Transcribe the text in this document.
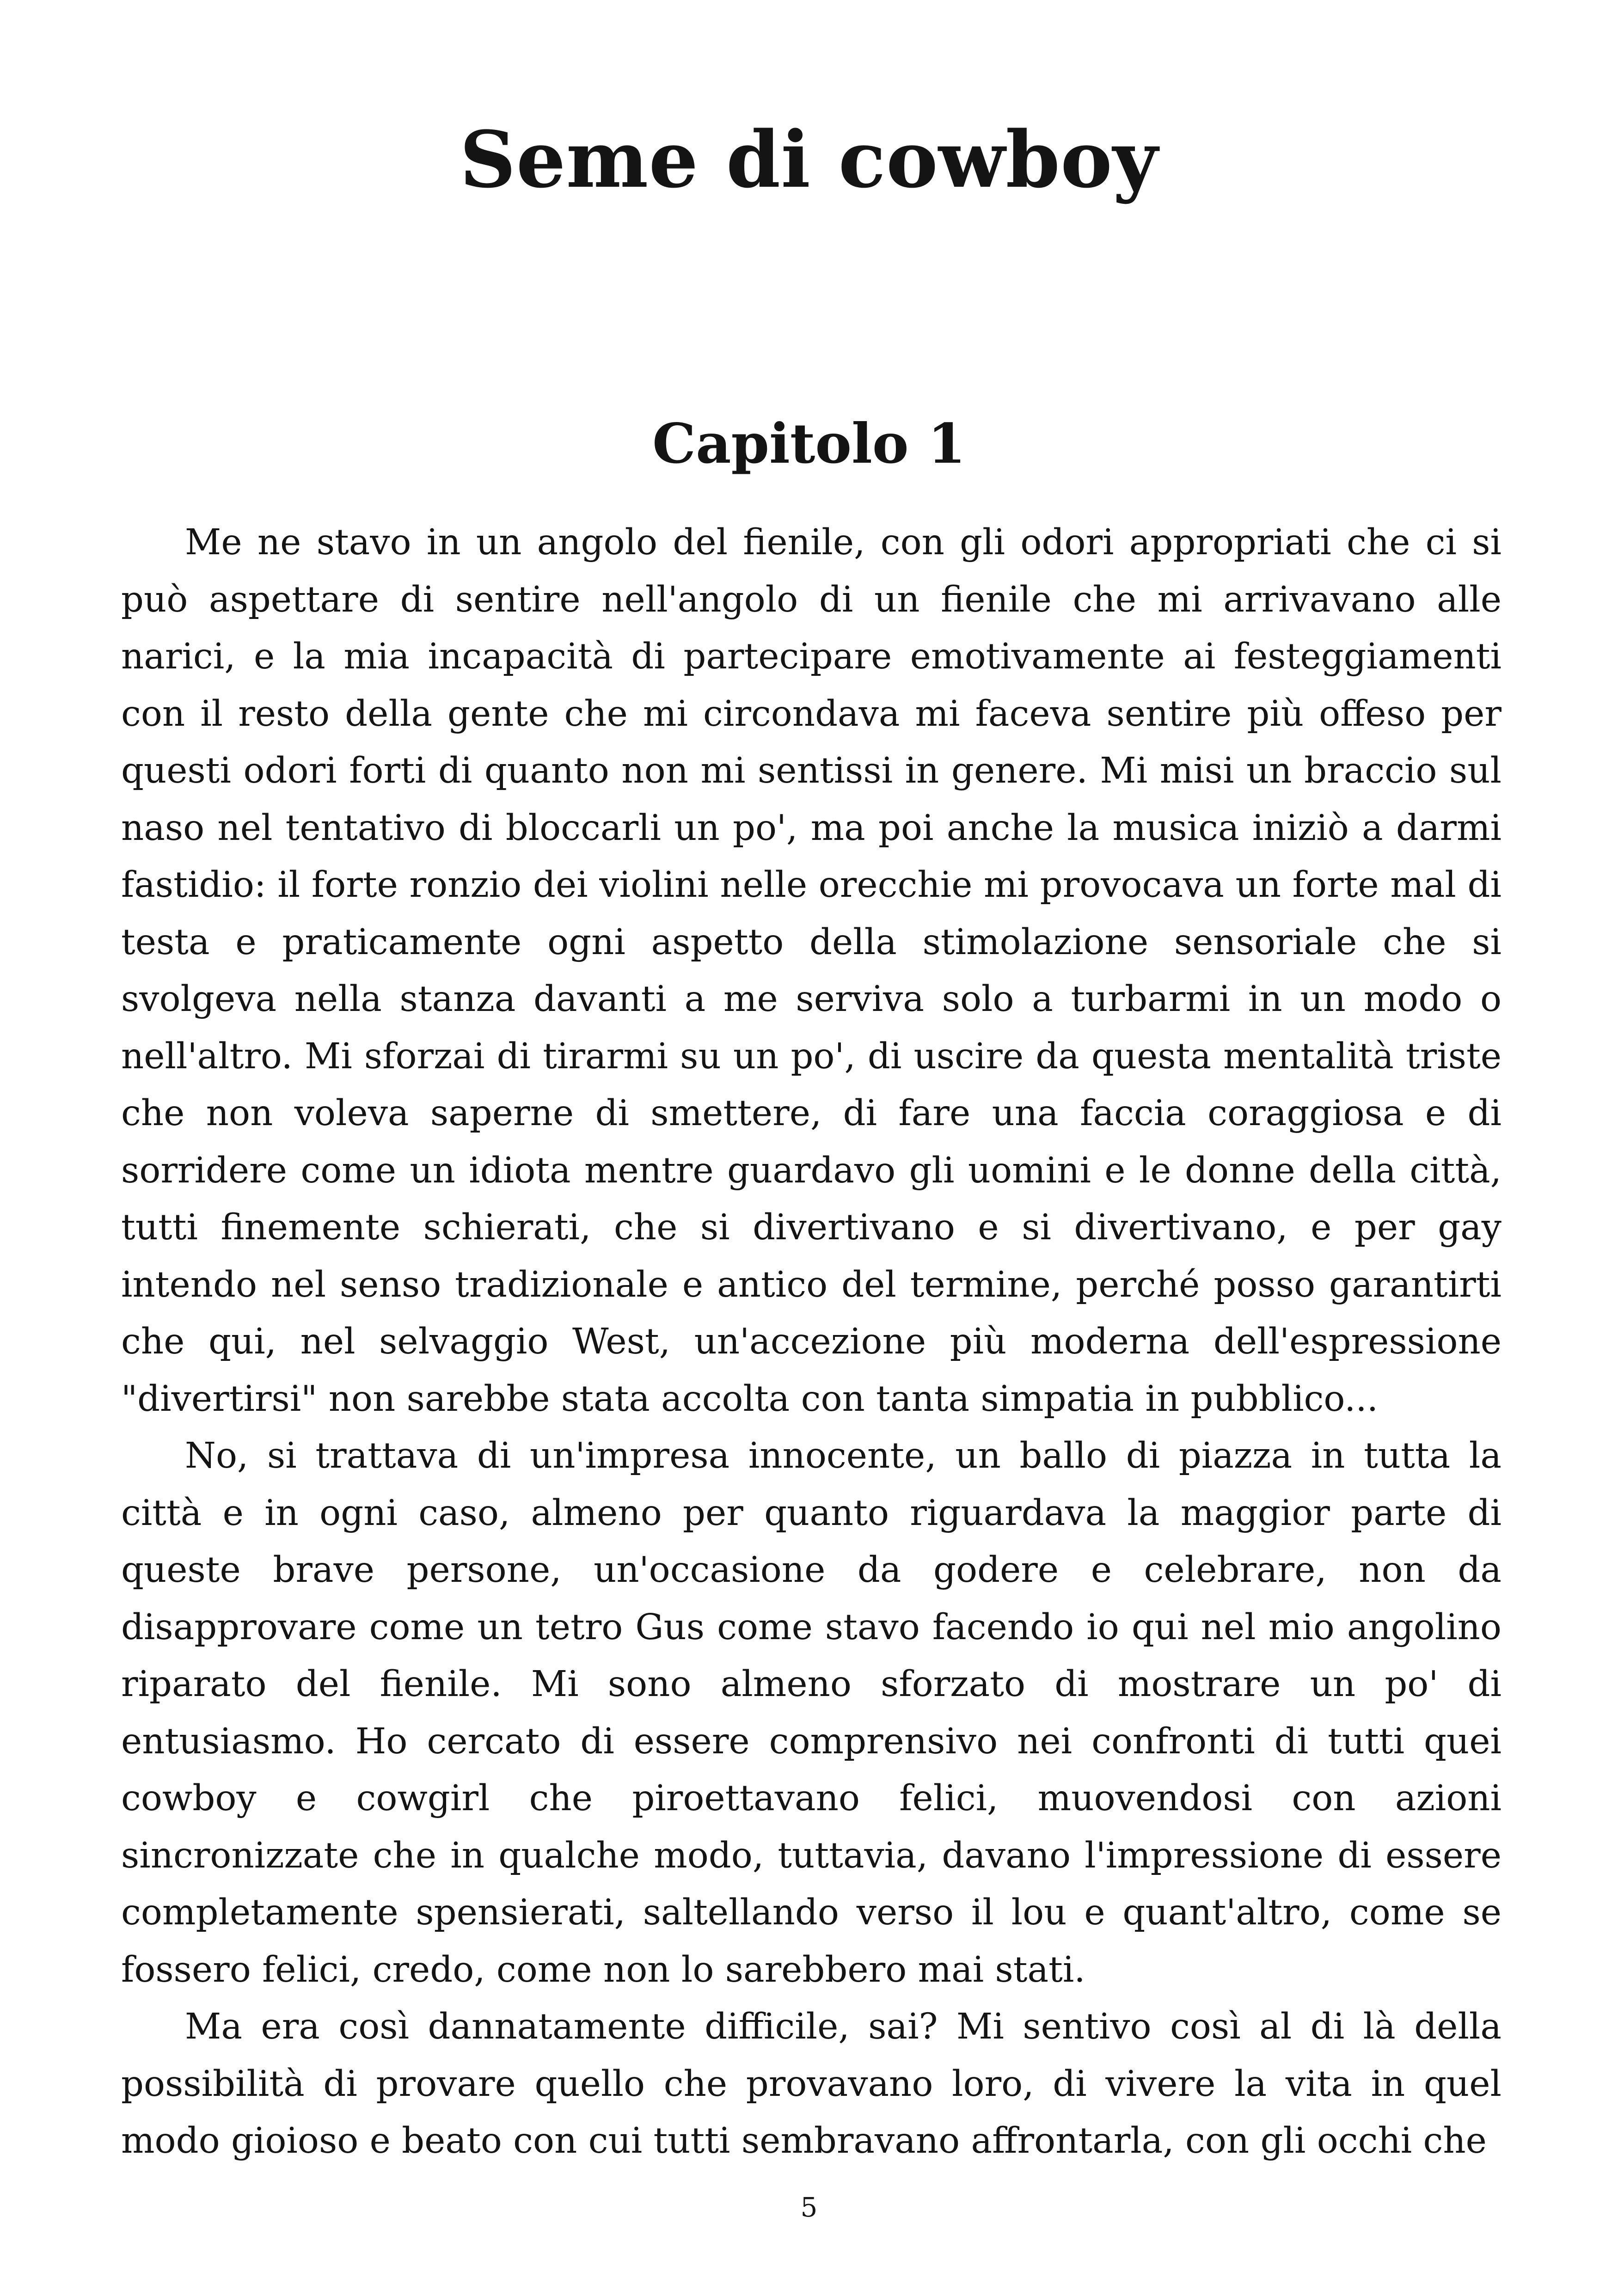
Seme di cowboy
Capitolo 1

Me ne stavo in un angolo del fienile, con gli odori appropriati che ci si può aspettare di sentire nell'angolo di un fienile che mi arrivavano alle narici, e la mia incapacità di partecipare emotivamente ai festeggiamenti con il resto della gente che mi circondava mi faceva sentire più offeso per questi odori forti di quanto non mi sentissi in genere. Mi misi un braccio sul naso nel tentativo di bloccarli un po', ma poi anche la musica iniziò a darmi fastidio: il forte ronzio dei violini nelle orecchie mi provocava un forte mal di testa e praticamente ogni aspetto della stimolazione sensoriale che si svolgeva nella stanza davanti a me serviva solo a turbarmi in un modo o nell'altro. Mi sforzai di tirarmi su un po', di uscire da questa mentalità triste che non voleva saperne di smettere, di fare una faccia coraggiosa e di sorridere come un idiota mentre guardavo gli uomini e le donne della città, tutti finemente schierati, che si divertivano e si divertivano, e per gay intendo nel senso tradizionale e antico del termine, perché posso garantirti che qui, nel selvaggio West, un'accezione più moderna dell'espressione "divertirsi" non sarebbe stata accolta con tanta simpatia in pubblico...

No, si trattava di un'impresa innocente, un ballo di piazza in tutta la città e in ogni caso, almeno per quanto riguardava la maggior parte di queste brave persone, un'occasione da godere e celebrare, non da disapprovare come un tetro Gus come stavo facendo io qui nel mio angolino riparato del fienile. Mi sono almeno sforzato di mostrare un po' di entusiasmo. Ho cercato di essere comprensivo nei confronti di tutti quei cowboy e cowgirl che piroettavano felici, muovendosi con azioni sincronizzate che in qualche modo, tuttavia, davano l'impressione di essere completamente spensierati, saltellando verso il lou e quant'altro, come se fossero felici, credo, come non lo sarebbero mai stati.

Ma era così dannatamente difficile, sai? Mi sentivo così al di là della possibilità di provare quello che provavano loro, di vivere la vita in quel modo gioioso e beato con cui tutti sembravano affrontarla, con gli occhi che

5
